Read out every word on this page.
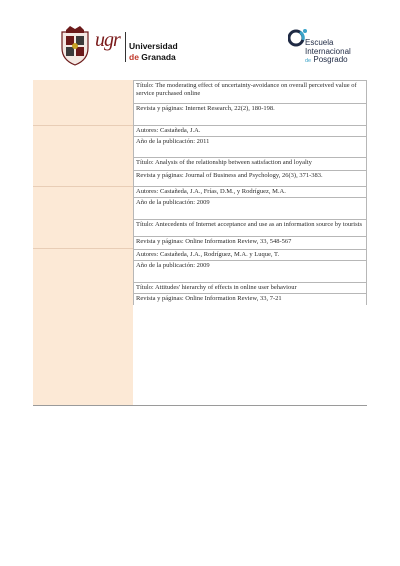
ugr Universidad
de Granada
Escuela
Internacional
de Posgrado
Título: The moderating effect of uncertainty-avoidance on overall perceived value of service purchased online
Revista y páginas: Internet Research, 22(2), 180-198.
Autores: Castañeda, J.A.
Año de la publicación: 2011
Título: Analysis of the relationship between satisfaction and loyalty
Revista y páginas: Journal of Business and Psychology, 26(3), 371-383.
Autores: Castañeda, J.A., Frías, D.M., y Rodríguez, M.A.
Año de la publicación: 2009
Título: Antecedents of Internet acceptance and use as an information source by tourists
Revista y páginas: Online Information Review, 33, 548-567
Autores: Castañeda, J.A., Rodríguez, M.A. y Luque, T.
Año de la publicación: 2009
Título: Attitudes' hierarchy of effects in online user behaviour
Revista y páginas: Online Information Review, 33, 7-21
